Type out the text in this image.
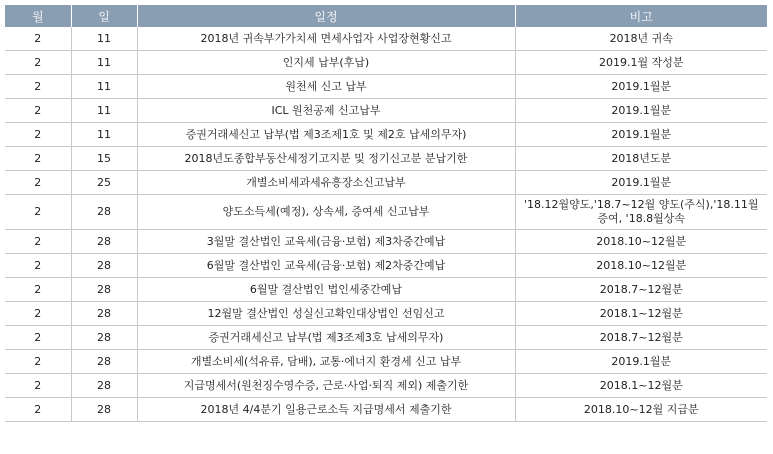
월	일	일정	비고
2	11	2018년 귀속부가가치세 면세사업자 사업장현황신고	2018년 귀속
2	11	인지세 납부(후납)	2019.1월 작성분
2	11	원천세 신고 납부	2019.1월분
2	11	ICL 원천공제 신고납부	2019.1월분
2	11	증권거래세신고 납부(법 제3조제1호 및 제2호 납세의무자)	2019.1월분
2	15	2018년도종합부동산세정기고지분 및 정기신고분 분납기한	2018년도분
2	25	개별소비세과세유흥장소신고납부	2019.1월분
2	28	양도소득세(예정), 상속세, 증여세 신고납부	'18.12월양도,'18.7~12월 양도(주식),'18.11월증여, '18.8월상속
2	28	3월말 결산법인 교육세(금융·보험) 제3차중간예납	2018.10~12월분
2	28	6월말 결산법인 교육세(금융·보험) 제2차중간예납	2018.10~12월분
2	28	6월말 결산법인 법인세중간예납	2018.7~12월분
2	28	12월말 결산법인 성실신고확인대상법인 선임신고	2018.1~12월분
2	28	증권거래세신고 납부(법 제3조제3호 납세의무자)	2018.7~12월분
2	28	개별소비세(석유류, 담배), 교통·에너지 환경세 신고 납부	2019.1월분
2	28	지급명세서(원천징수영수증, 근로·사업·퇴직 제외) 제출기한	2018.1~12월분
2	28	2018년 4/4분기 일용근로소득 지급명세서 제출기한	2018.10~12월 지급분
